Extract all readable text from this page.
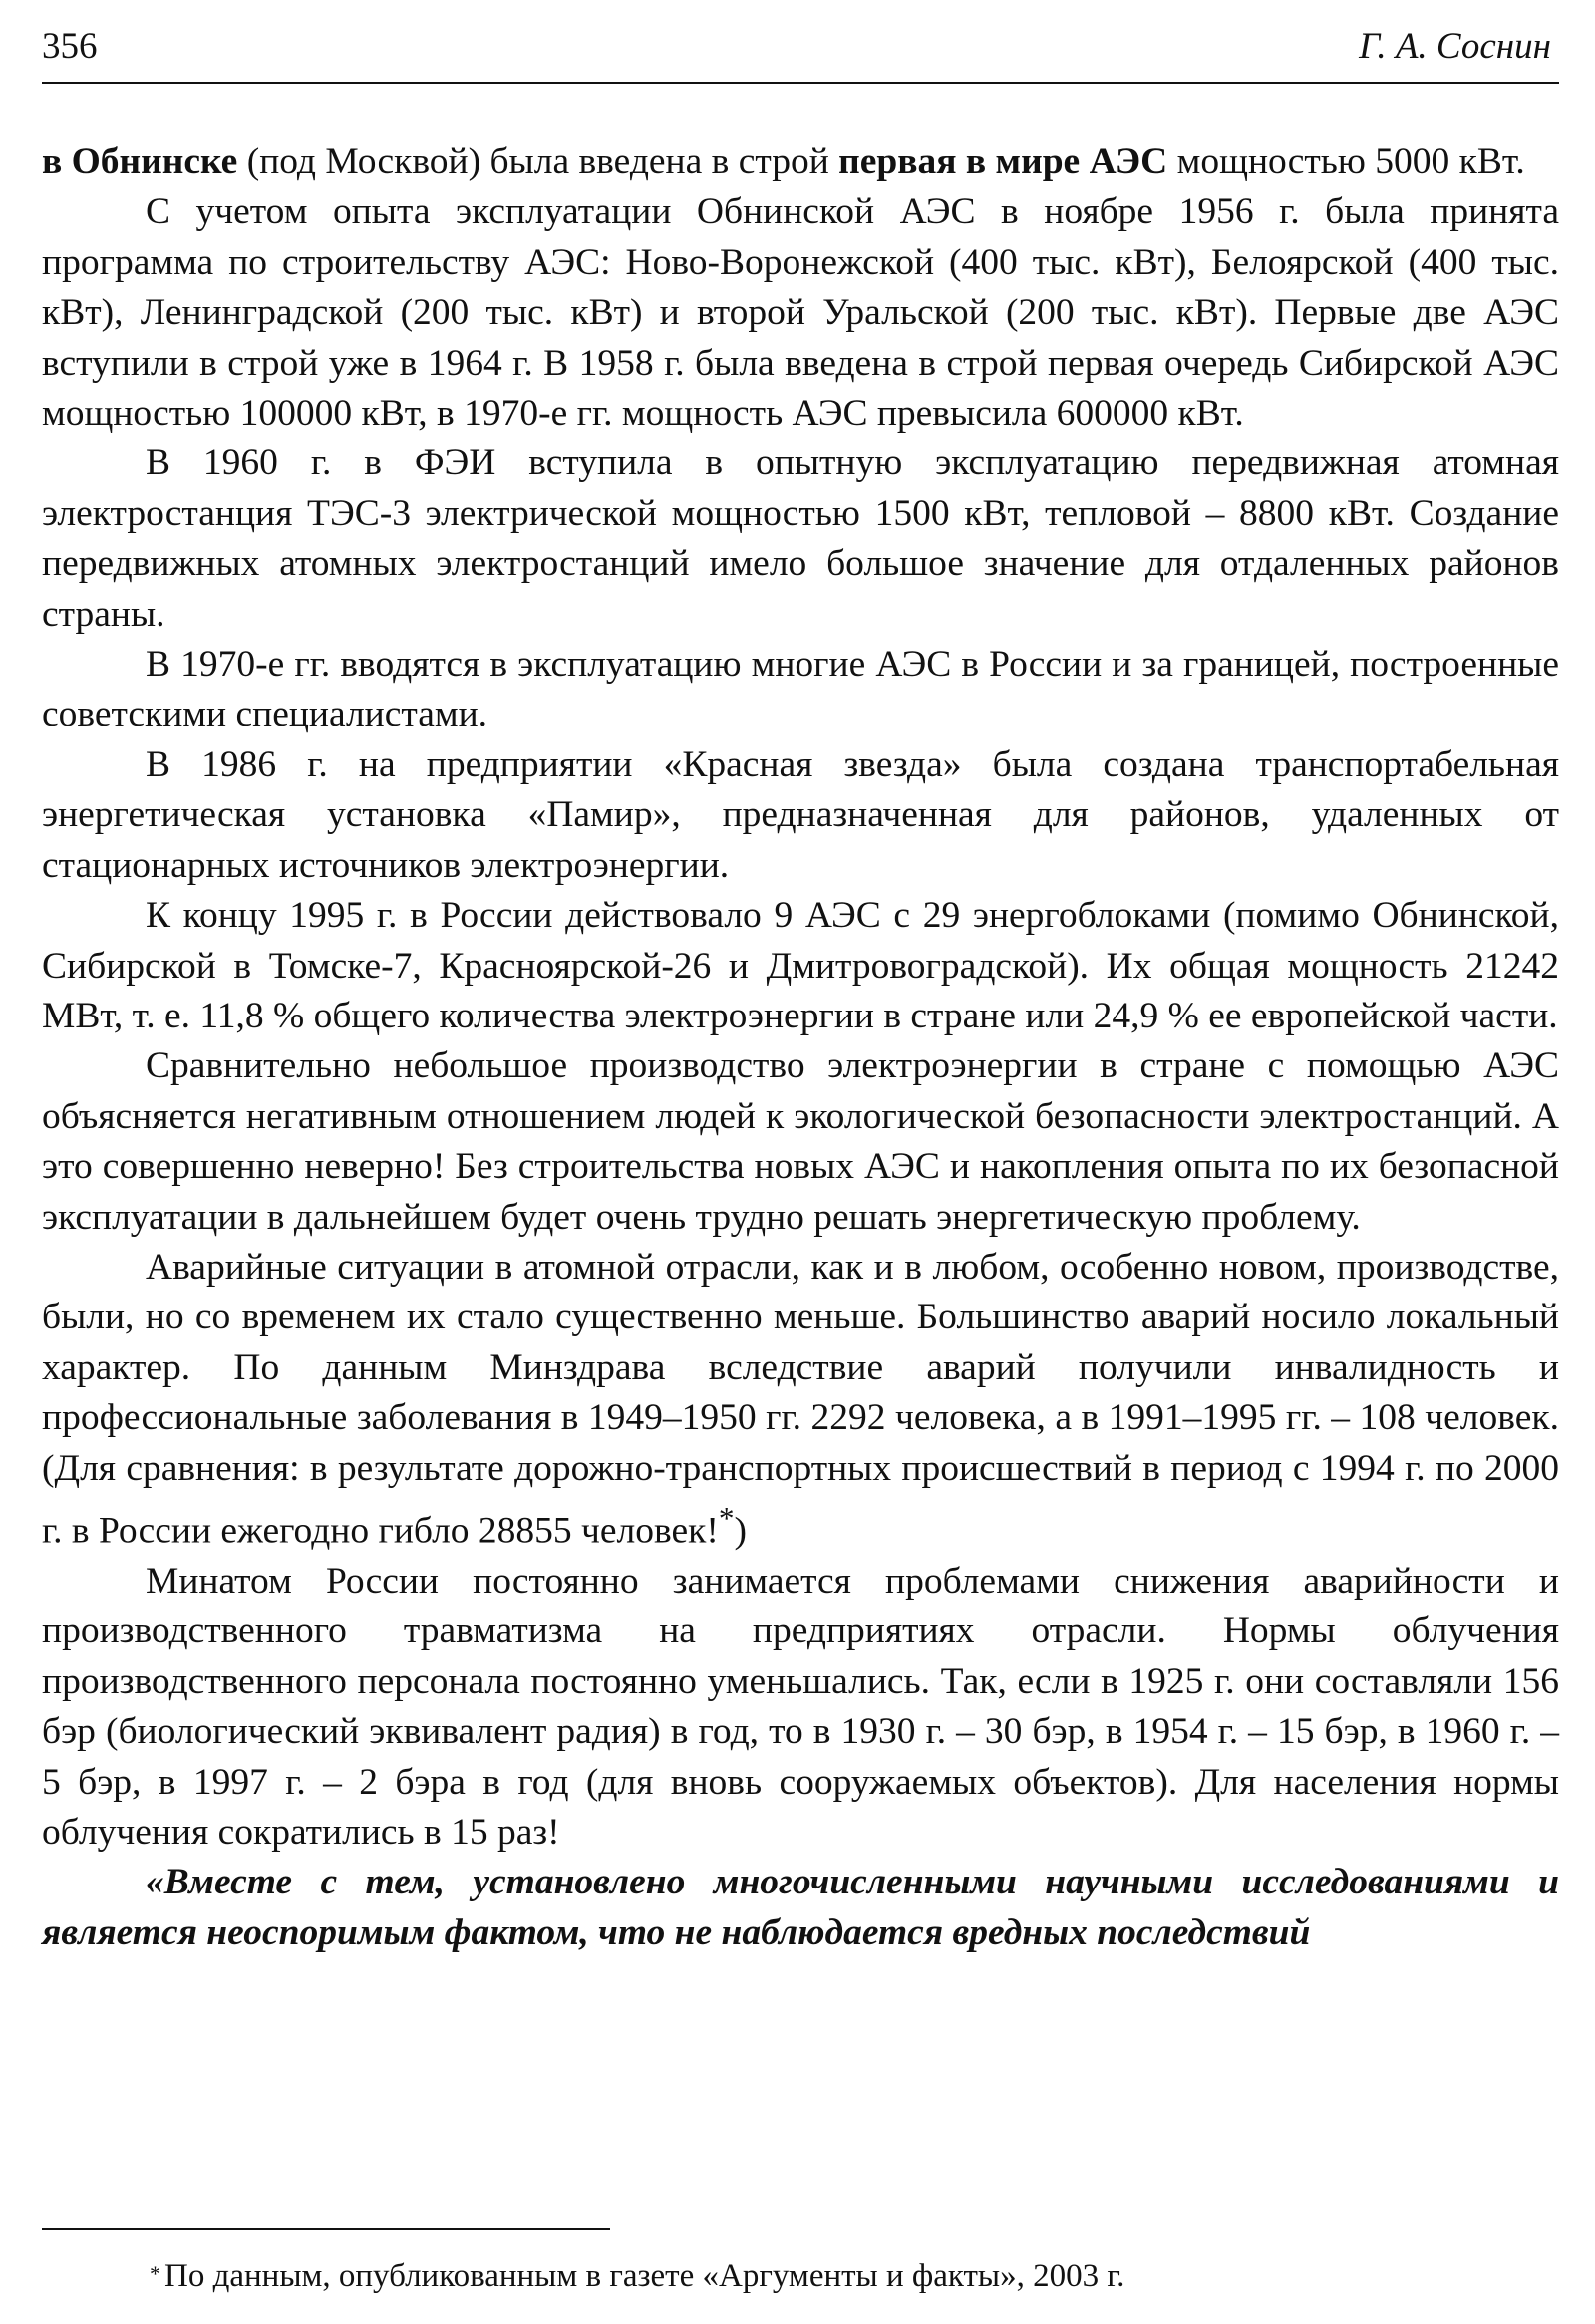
356	Г. А. Соснин

в Обнинске (под Москвой) была введена в строй первая в мире АЭС мощностью 5000 кВт.

С учетом опыта эксплуатации Обнинской АЭС в ноябре 1956 г. была принята программа по строительству АЭС: Ново-Воронежской (400 тыс. кВт), Белоярской (400 тыс. кВт), Ленинградской (200 тыс. кВт) и второй Уральской (200 тыс. кВт). Первые две АЭС вступили в строй уже в 1964 г. В 1958 г. была введена в строй первая очередь Сибирской АЭС мощностью 100000 кВт, в 1970-е гг. мощность АЭС превысила 600000 кВт.

В 1960 г. в ФЭИ вступила в опытную эксплуатацию передвижная атомная электростанция ТЭС-3 электрической мощностью 1500 кВт, тепловой – 8800 кВт. Создание передвижных атомных электростанций имело большое значение для отдаленных районов страны.

В 1970-е гг. вводятся в эксплуатацию многие АЭС в России и за границей, построенные советскими специалистами.

В 1986 г. на предприятии «Красная звезда» была создана транспортабельная энергетическая установка «Памир», предназначенная для районов, удаленных от стационарных источников электроэнергии.

К концу 1995 г. в России действовало 9 АЭС с 29 энергоблоками (помимо Обнинской, Сибирской в Томске-7, Красноярской-26 и Дмитровоградской). Их общая мощность 21242 МВт, т. е. 11,8 % общего количества электроэнергии в стране или 24,9 % ее европейской части.

Сравнительно небольшое производство электроэнергии в стране с помощью АЭС объясняется негативным отношением людей к экологической безопасности электростанций. А это совершенно неверно! Без строительства новых АЭС и накопления опыта по их безопасной эксплуатации в дальнейшем будет очень трудно решать энергетическую проблему.

Аварийные ситуации в атомной отрасли, как и в любом, особенно новом, производстве, были, но со временем их стало существенно меньше. Большинство аварий носило локальный характер. По данным Минздрава вследствие аварий получили инвалидность и профессиональные заболевания в 1949–1950 гг. 2292 человека, а в 1991–1995 гг. – 108 человек. (Для сравнения: в результате дорожно-транспортных происшествий в период с 1994 г. по 2000 г. в России ежегодно гибло 28855 человек!*)

Минатом России постоянно занимается проблемами снижения аварийности и производственного травматизма на предприятиях отрасли. Нормы облучения производственного персонала постоянно уменьшались. Так, если в 1925 г. они составляли 156 бэр (биологический эквивалент радия) в год, то в 1930 г. – 30 бэр, в 1954 г. – 15 бэр, в 1960 г. – 5 бэр, в 1997 г. – 2 бэра в год (для вновь сооружаемых объектов). Для населения нормы облучения сократились в 15 раз!

«Вместе с тем, установлено многочисленными научными исследованиями и является неоспоримым фактом, что не наблюдается вредных последствий

* По данным, опубликованным в газете «Аргументы и факты», 2003 г.
